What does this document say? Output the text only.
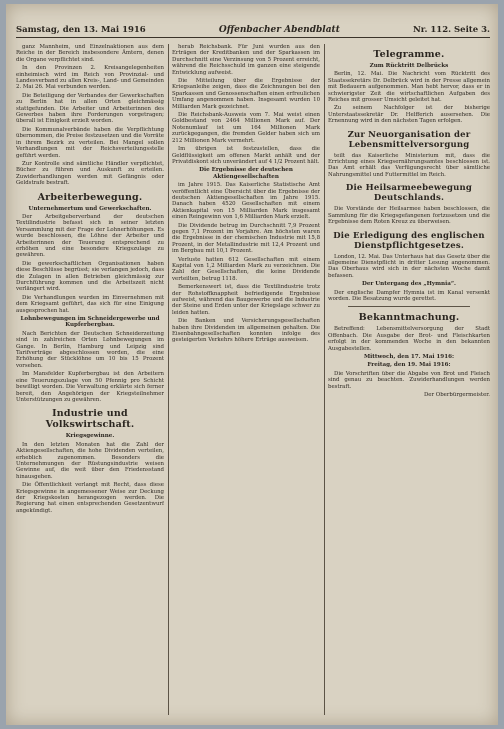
Samstag, den 13. Mai 1916	Offenbacher Abendblatt	Nr. 112. Seite 3.

ganz Mannheim, und Einzelnaktionen aus dem Reiche in der Bereich insbesondere Ämtern, denen die Organe verpflichtet sind.

In den Provinzen 2. Kreisangelegenheiten einheimisch wird im Reich von Provinzial- und Landesverband zu allen Kreis-, Land- und Gemeinden 2. Mai 26. Mai verbunden werden.

Die Beteiligung der Verbandes der Gewerkschaften zu Berlin hat in allen Orten gleichmässig stattgefunden. Die Arbeiter und Arbeiterinnen des Gewerbes haben ihre Forderungen vorgetragen; überall ist Einigkeit erzielt worden.

Die Kommunalverbände haben die Verpflichtung übernommen, die Preise festzusetzen und die Vorräte in ihrem Bezirk zu verteilen. Bei Mangel sollen Verhandlungen mit der Reichsverteilungsstelle geführt werden.

Zur Kontrolle sind sämtliche Händler verpflichtet, Bücher zu führen und Auskunft zu erteilen. Zuwiderhandlungen werden mit Gefängnis oder Geldstrafe bestraft.

Arbeiterbewegung.
Unternehmertum und Gewerkschaften.

Der Arbeitgeberverband der deutschen Textilindustrie befasst sich in seiner letzten Versammlung mit der Frage der Lohnerhöhungen. Es wurde beschlossen, die Löhne der Arbeiter und Arbeiterinnen der Teuerung entsprechend zu erhöhen und eine besondere Kriegszulage zu gewähren.

Die gewerkschaftlichen Organisationen haben diese Beschlüsse begrüsst; sie verlangen jedoch, dass die Zulagen in allen Betrieben gleichmässig zur Durchführung kommen und die Arbeitszeit nicht verlängert wird.

Die Verhandlungen wurden im Einvernehmen mit dem Kriegsamt geführt, das sich für eine Einigung ausgesprochen hat.

Lohnbewegungen im Schneidergewerbe und Kupferbergbau.

Nach Berichten der Deutschen Schneiderzeitung sind in zahlreichen Orten Lohnbewegungen im Gange. In Berlin, Hamburg und Leipzig sind Tarifverträge abgeschlossen worden, die eine Erhöhung der Stücklöhne um 10 bis 15 Prozent vorsehen.

Im Mansfelder Kupferbergbau ist den Arbeitern eine Teuerungszulage von 50 Pfennig pro Schicht bewilligt worden. Die Verwaltung erklärte sich ferner bereit, den Angehörigen der Kriegsteilnehmer Unterstützungen zu gewähren.

Industrie und Volkswirtschaft.
Kriegsgewinne.

In den letzten Monaten hat die Zahl der Aktiengesellschaften, die hohe Dividenden verteilen, erheblich zugenommen. Besonders die Unternehmungen der Rüstungsindustrie weisen Gewinne auf, die weit über den Friedensstand hinausgehen.

Die Öffentlichkeit verlangt mit Recht, dass diese Kriegsgewinne in angemessener Weise zur Deckung der Kriegskosten herangezogen werden. Die Regierung hat einen entsprechenden Gesetzentwurf angekündigt.

herab Reichsbank. Für Juni wurden aus den Erträgen der Kreditbanken und der Sparkassen im Durchschnitt eine Verzinsung von 5 Prozent erreicht, während die Reichsschuld im ganzen eine steigende Entwicklung aufweist.

Die Mitteilung über die Ergebnisse der Kriegsanleihe zeigen, dass die Zeichnungen bei den Sparkassen und Genossenschaften einen erfreulichen Umfang angenommen haben. Insgesamt wurden 10 Milliarden Mark gezeichnet.

Die Reichsbank-Ausweis vom 7. Mai weist einen Goldbestand von 2464 Millionen Mark auf. Der Notenumlauf ist um 164 Millionen Mark zurückgegangen, die fremden Gelder haben sich um 212 Millionen Mark vermehrt.

Im übrigen ist festzustellen, dass die Geldflüssigkeit am offenen Markt anhält und der Privatdiskont sich unverändert auf 4 1/2 Prozent hält.

Die Ergebnisse der deutschen Aktiengesellschaften

im Jahre 1915. Das Kaiserliche Statistische Amt veröffentlicht eine Übersicht über die Ergebnisse der deutschen Aktiengesellschaften im Jahre 1915. Danach haben 4520 Gesellschaften mit einem Aktienkapital von 15 Milliarden Mark insgesamt einen Reingewinn von 1,6 Milliarden Mark erzielt.

Die Dividende betrug im Durchschnitt 7,9 Prozent gegen 7,1 Prozent im Vorjahre. Am höchsten waren die Ergebnisse in der chemischen Industrie mit 15,8 Prozent, in der Metallindustrie mit 12,4 Prozent und im Bergbau mit 10,1 Prozent.

Verluste hatten 612 Gesellschaften mit einem Kapital von 1,2 Milliarden Mark zu verzeichnen. Die Zahl der Gesellschaften, die keine Dividende verteilten, betrug 1118.

Bemerkenswert ist, dass die Textilindustrie trotz der Rohstoffknappheit befriedigende Ergebnisse aufweist, während das Baugewerbe und die Industrie der Steine und Erden unter der Kriegslage schwer zu leiden hatten.

Die Banken und Versicherungsgesellschaften haben ihre Dividenden im allgemeinen gehalten. Die Eisenbahngesellschaften konnten infolge des gesteigerten Verkehrs höhere Erträge ausweisen.

Telegramme.
Zum Rücktritt Delbrücks

Berlin, 12. Mai. Die Nachricht vom Rücktritt des Staatssekretärs Dr. Delbrück wird in der Presse allgemein mit Bedauern aufgenommen. Man hebt hervor, dass er in schwierigster Zeit die wirtschaftlichen Aufgaben des Reiches mit grosser Umsicht geleitet hat.

Zu seinem Nachfolger ist der bisherige Unterstaatssekretär Dr. Helfferich ausersehen. Die Ernennung wird in den nächsten Tagen erfolgen.

Zur Neuorganisation der Lebensmittelversorgung

teilt das Kaiserliche Ministerium mit, dass die Errichtung eines Kriegsernährungsamtes beschlossen ist. Das Amt erhält das Verfügungsrecht über sämtliche Nahrungsmittel und Futtermittel im Reich.

Die Heilsarmeebewegung Deutschlands.

Die Vorstände der Heilsarmee haben beschlossen, die Sammlung für die Kriegsgefangenen fortzusetzen und die Ergebnisse dem Roten Kreuz zu überweisen.

Die Erledigung des englischen Dienstpflichtgesetzes.

London, 12. Mai. Das Unterhaus hat das Gesetz über die allgemeine Dienstpflicht in dritter Lesung angenommen. Das Oberhaus wird sich in der nächsten Woche damit befassen.

Der Untergang des „Hymnia“.

Der englische Dampfer Hymnia ist im Kanal versenkt worden. Die Besatzung wurde gerettet.

Bekanntmachung.

Betreffend: Lebensmittelversorgung der Stadt Offenbach. Die Ausgabe der Brot- und Fleischkarten erfolgt in der kommenden Woche in den bekannten Ausgabestellen.

Mittwoch, den 17. Mai 1916:
Freitag, den 19. Mai 1916:

Die Vorschriften über die Abgabe von Brot und Fleisch sind genau zu beachten. Zuwiderhandlungen werden bestraft.

Der Oberbürgermeister.
